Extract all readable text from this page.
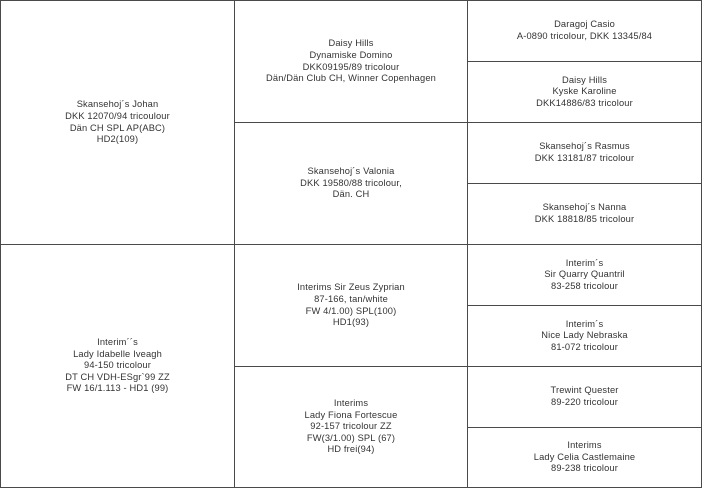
Skansehoj´s Johan
DKK 12070/94 tricoulour
Dän CH SPL AP(ABC)
HD2(109)
Interim´´s
Lady Idabelle Iveagh
94-150 tricolour
DT CH VDH-ESgr`99 ZZ
FW 16/1.113 - HD1 (99)
Daisy Hills
Dynamiske Domino
DKK09195/89 tricolour
Dän/Dän Club CH, Winner Copenhagen
Skansehoj´s Valonia
DKK 19580/88 tricolour,
Dän. CH
Interims Sir Zeus Zyprian
87-166, tan/white
FW 4/1.00) SPL(100)
HD1(93)
Interims
Lady Fiona Fortescue
92-157 tricolour ZZ
FW(3/1.00) SPL (67)
HD frei(94)
Daragoj Casio
A-0890 tricolour, DKK 13345/84
Daisy Hills
Kyske Karoline
DKK14886/83 tricolour
Skansehoj´s Rasmus
DKK 13181/87 tricolour
Skansehoj´s Nanna
DKK 18818/85 tricolour
Interim´s
Sir Quarry Quantril
83-258 tricolour
Interim´s
Nice Lady Nebraska
81-072 tricolour
Trewint Quester
89-220 tricolour
Interims
Lady Celia Castlemaine
89-238 tricolour
